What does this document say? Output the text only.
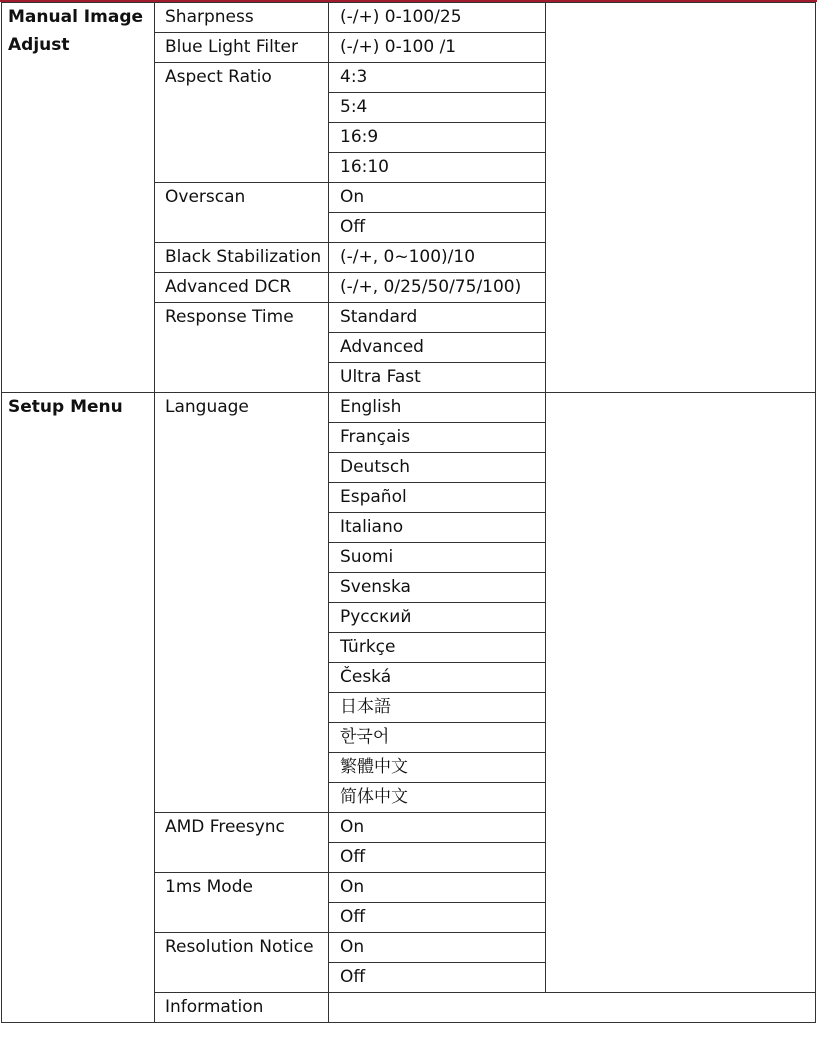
Manual Image Adjust	Sharpness	(-/+) 0-100/25	
	Blue Light Filter	(-/+) 0-100 /1	
	Aspect Ratio	4:3	
		5:4	
		16:9	
		16:10	
	Overscan	On	
		Off	
	Black Stabilization	(-/+, 0~100)/10	
	Advanced DCR	(-/+, 0/25/50/75/100)	
	Response Time	Standard	
		Advanced	
		Ultra Fast	
Setup Menu	Language	English	
		Français	
		Deutsch	
		Español	
		Italiano	
		Suomi	
		Svenska	
		Русский	
		Türkçe	
		Česká	
		日本語	
		한국어	
		繁體中文	
		简体中文	
	AMD Freesync	On	
		Off	
	1ms Mode	On	
		Off	
	Resolution Notice	On	
		Off	
	Information		
